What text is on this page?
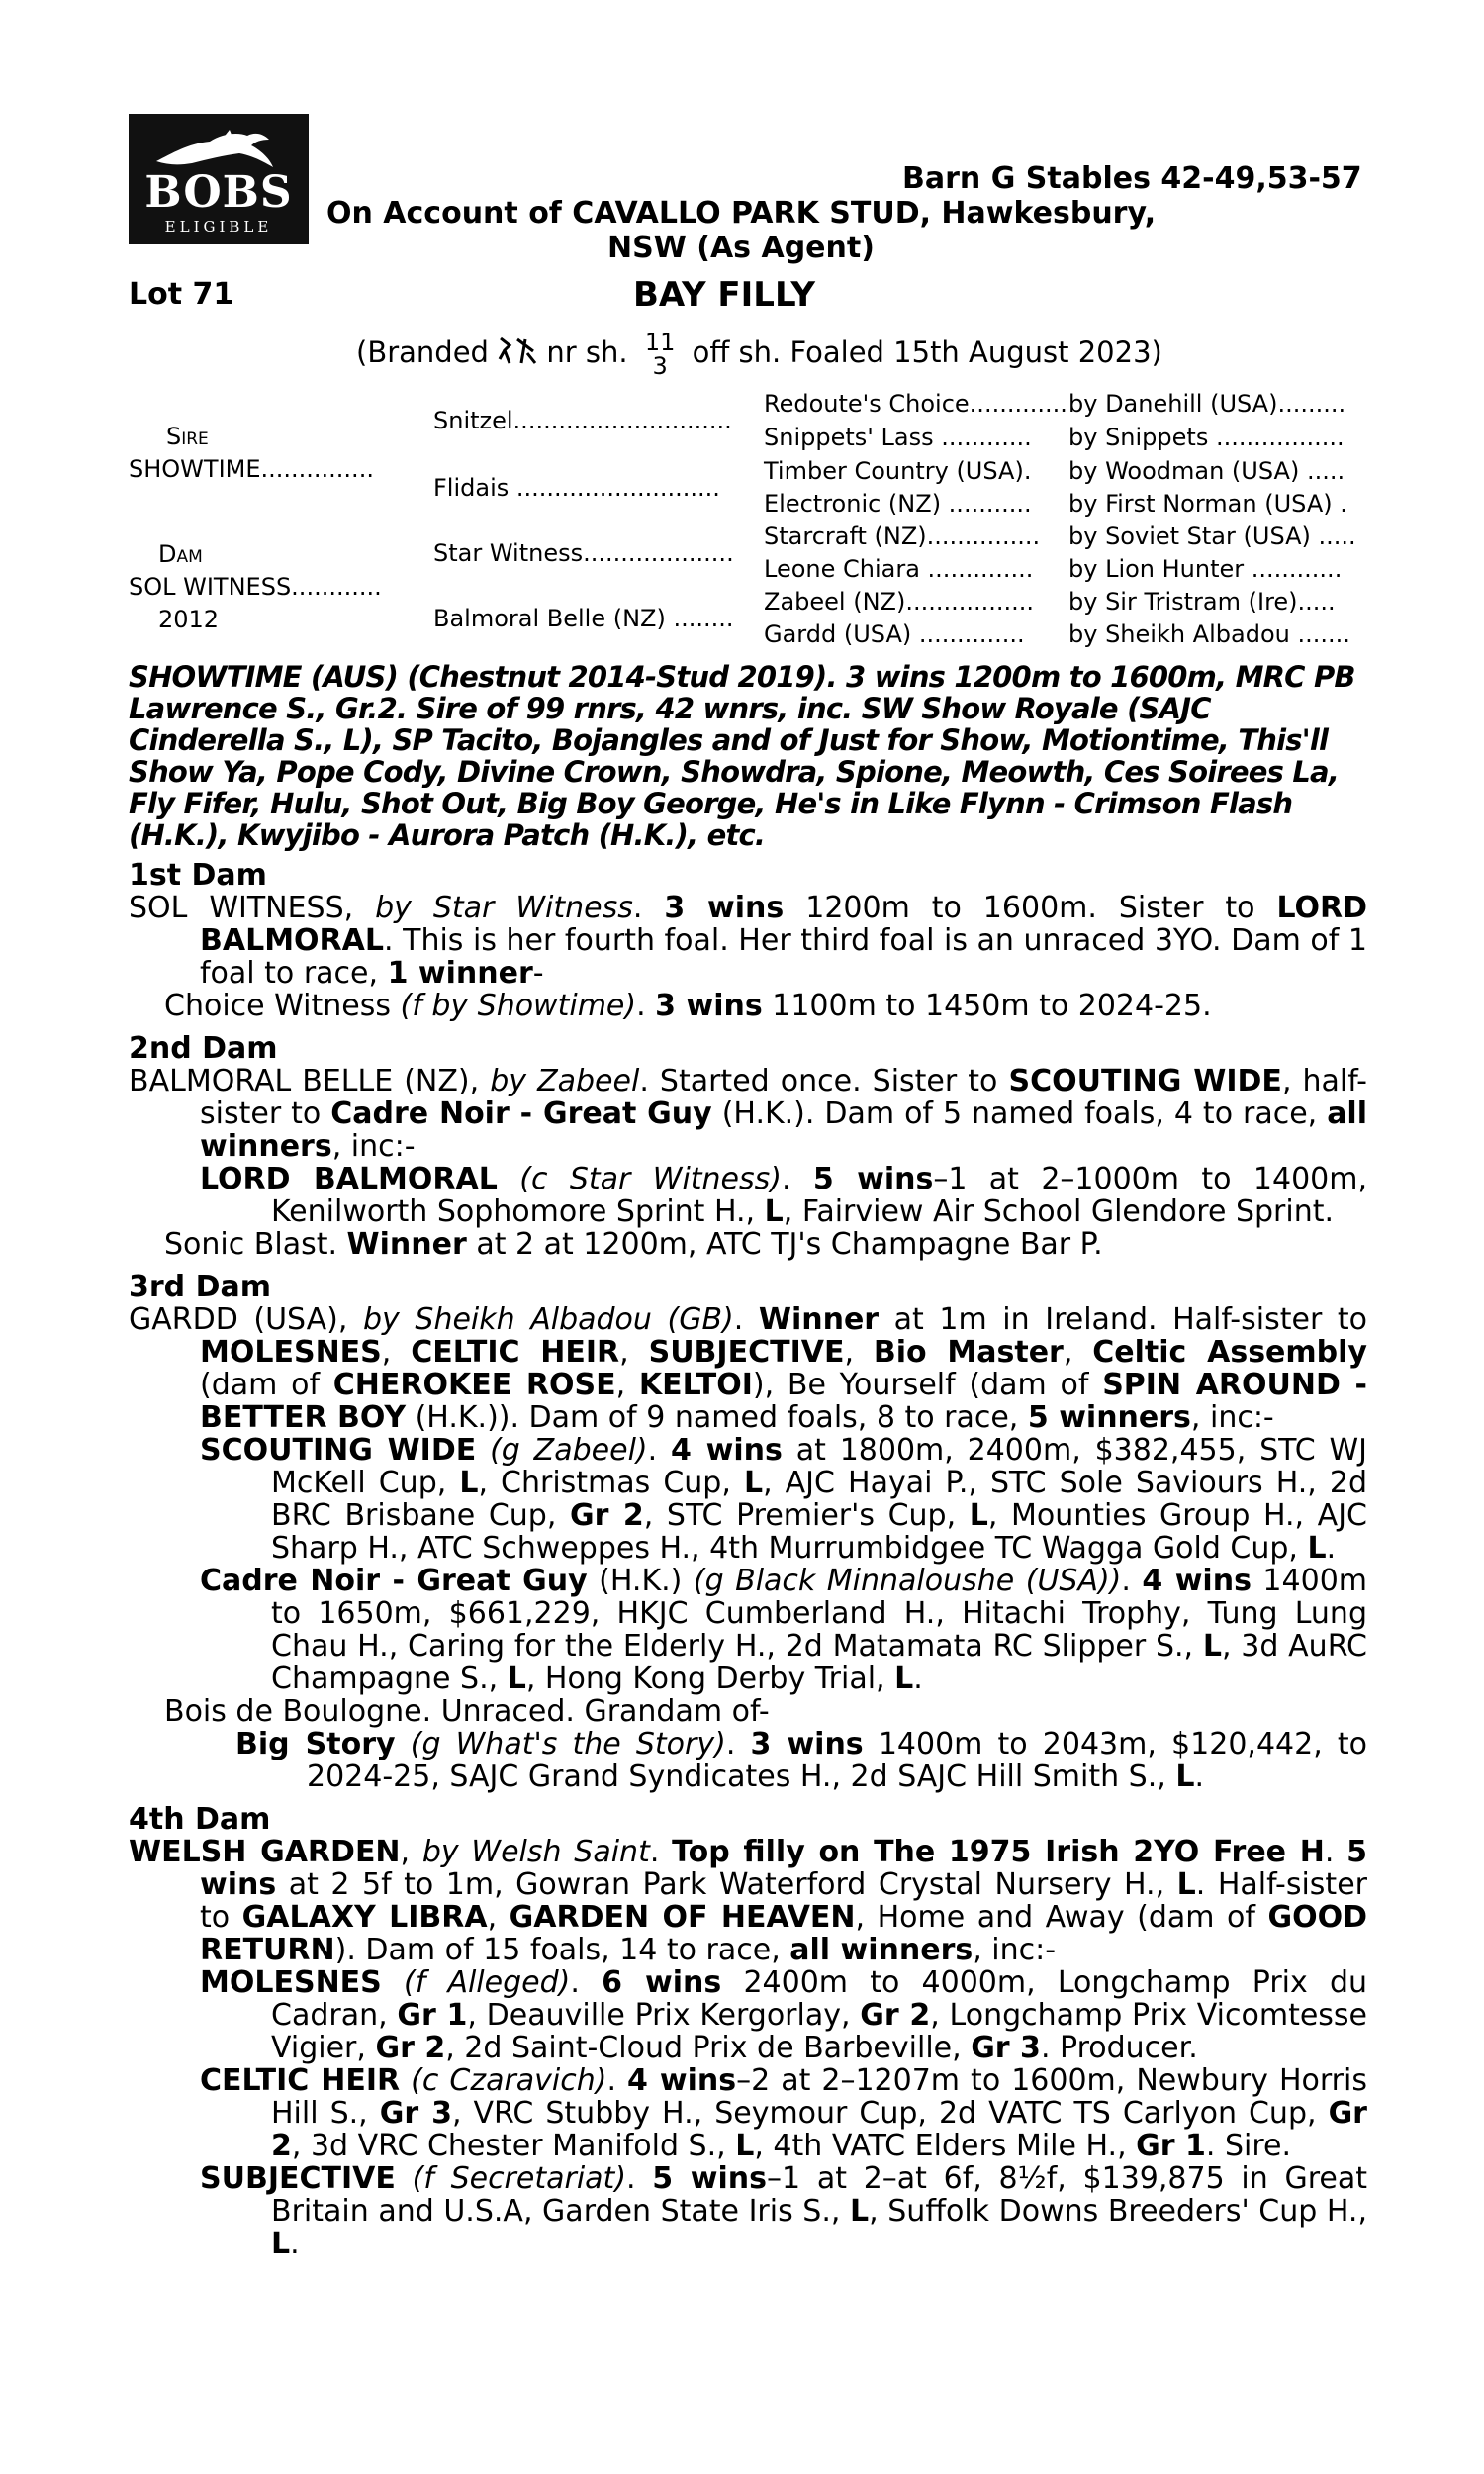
BOBS
ELIGIBLE
Barn G Stables 42-49,53-57
On Account of CAVALLO PARK STUD, Hawkesbury,
NSW (As Agent)
Lot 71	BAY FILLY
(Branded nr sh. 11
3 off sh. Foaled 15th August 2023)
Sire
SHOWTIME...............
Dam
SOL WITNESS............
2012
Snitzel.............................
Flidais ...........................
Star Witness....................
Balmoral Belle (NZ) ........
Redoute's Choice.............
Snippets' Lass ............
Timber Country (USA).
Electronic (NZ) ...........
Starcraft (NZ)...............
Leone Chiara ..............
Zabeel (NZ).................
Gardd (USA) ..............
by Danehill (USA).........
by Snippets .................
by Woodman (USA) .....
by First Norman (USA) .
by Soviet Star (USA) .....
by Lion Hunter ............
by Sir Tristram (Ire).....
by Sheikh Albadou .......
SHOWTIME (AUS) (Chestnut 2014-Stud 2019). 3 wins 1200m to 1600m, MRC PB Lawrence S., Gr.2. Sire of 99 rnrs, 42 wnrs, inc. SW Show Royale (SAJC Cinderella S., L), SP Tacito, Bojangles and of Just for Show, Motiontime, This'll Show Ya, Pope Cody, Divine Crown, Showdra, Spione, Meowth, Ces Soirees La, Fly Fifer, Hulu, Shot Out, Big Boy George, He's in Like Flynn - Crimson Flash (H.K.), Kwyjibo - Aurora Patch (H.K.), etc.
1st Dam
SOL WITNESS, by Star Witness. 3 wins 1200m to 1600m. Sister to LORD BALMORAL. This is her fourth foal. Her third foal is an unraced 3YO. Dam of 1 foal to race, 1 winner-
Choice Witness (f by Showtime). 3 wins 1100m to 1450m to 2024-25.
2nd Dam
BALMORAL BELLE (NZ), by Zabeel. Started once. Sister to SCOUTING WIDE, half-sister to Cadre Noir - Great Guy (H.K.). Dam of 5 named foals, 4 to race, all winners, inc:-
LORD BALMORAL (c Star Witness). 5 wins–1 at 2–1000m to 1400m, Kenilworth Sophomore Sprint H., L, Fairview Air School Glendore Sprint.
Sonic Blast. Winner at 2 at 1200m, ATC TJ's Champagne Bar P.
3rd Dam
GARDD (USA), by Sheikh Albadou (GB). Winner at 1m in Ireland. Half-sister to MOLESNES, CELTIC HEIR, SUBJECTIVE, Bio Master, Celtic Assembly (dam of CHEROKEE ROSE, KELTOI), Be Yourself (dam of SPIN AROUND - BETTER BOY (H.K.)). Dam of 9 named foals, 8 to race, 5 winners, inc:-
SCOUTING WIDE (g Zabeel). 4 wins at 1800m, 2400m, $382,455, STC WJ McKell Cup, L, Christmas Cup, L, AJC Hayai P., STC Sole Saviours H., 2d BRC Brisbane Cup, Gr 2, STC Premier's Cup, L, Mounties Group H., AJC Sharp H., ATC Schweppes H., 4th Murrumbidgee TC Wagga Gold Cup, L.
Cadre Noir - Great Guy (H.K.) (g Black Minnaloushe (USA)). 4 wins 1400m to 1650m, $661,229, HKJC Cumberland H., Hitachi Trophy, Tung Lung Chau H., Caring for the Elderly H., 2d Matamata RC Slipper S., L, 3d AuRC Champagne S., L, Hong Kong Derby Trial, L.
Bois de Boulogne. Unraced. Grandam of-
Big Story (g What's the Story). 3 wins 1400m to 2043m, $120,442, to 2024-25, SAJC Grand Syndicates H., 2d SAJC Hill Smith S., L.
4th Dam
WELSH GARDEN, by Welsh Saint. Top filly on The 1975 Irish 2YO Free H. 5 wins at 2 5f to 1m, Gowran Park Waterford Crystal Nursery H., L. Half-sister to GALAXY LIBRA, GARDEN OF HEAVEN, Home and Away (dam of GOOD RETURN). Dam of 15 foals, 14 to race, all winners, inc:-
MOLESNES (f Alleged). 6 wins 2400m to 4000m, Longchamp Prix du Cadran, Gr 1, Deauville Prix Kergorlay, Gr 2, Longchamp Prix Vicomtesse Vigier, Gr 2, 2d Saint-Cloud Prix de Barbeville, Gr 3. Producer.
CELTIC HEIR (c Czaravich). 4 wins–2 at 2–1207m to 1600m, Newbury Horris Hill S., Gr 3, VRC Stubby H., Seymour Cup, 2d VATC TS Carlyon Cup, Gr 2, 3d VRC Chester Manifold S., L, 4th VATC Elders Mile H., Gr 1. Sire.
SUBJECTIVE (f Secretariat). 5 wins–1 at 2–at 6f, 8½f, $139,875 in Great Britain and U.S.A, Garden State Iris S., L, Suffolk Downs Breeders' Cup H., L.
